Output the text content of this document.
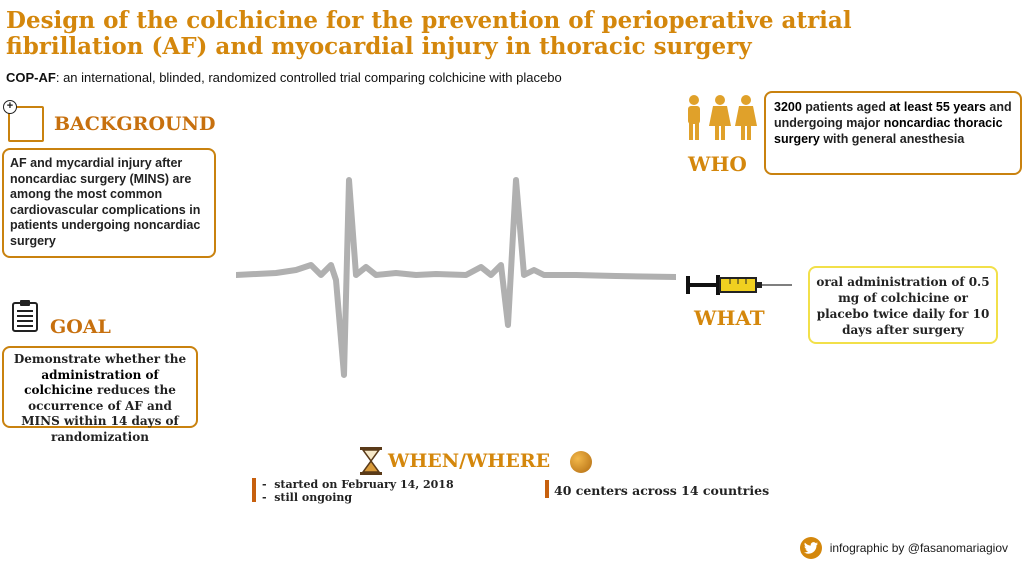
Design of the colchicine for the prevention of perioperative atrial fibrillation (AF) and myocardial injury in thoracic surgery
COP-AF: an international, blinded, randomized controlled trial comparing colchicine with placebo
+
BACKGROUND
AF and mycardial injury after noncardiac surgery (MINS) are among the most common cardiovascular complications in patients undergoing noncardiac surgery
GOAL
Demonstrate whether the administration of colchicine reduces the occurrence of AF and MINS within 14 days of randomization
WHO
3200 patients aged at least 55 years and undergoing major noncardiac thoracic surgery with general anesthesia
WHAT
oral administration of 0.5 mg of colchicine or placebo twice daily for 10 days after surgery
WHEN/WHERE
-  started on February 14, 2018
-  still ongoing	40 centers across 14 countries
infographic by @fasanomariagiov
